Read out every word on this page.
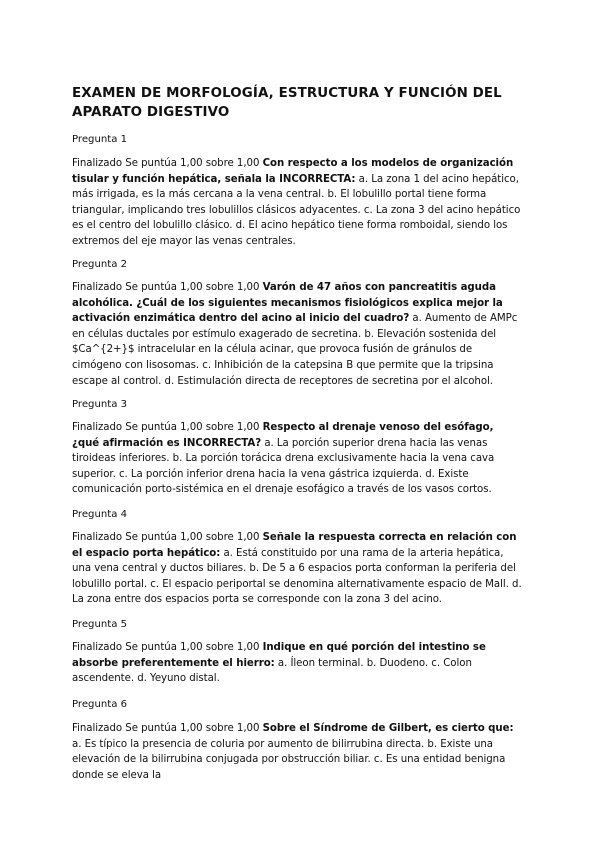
EXAMEN DE MORFOLOGÍA, ESTRUCTURA Y FUNCIÓN DEL APARATO DIGESTIVO

Pregunta 1

Finalizado Se puntúa 1,00 sobre 1,00 Con respecto a los modelos de organización tisular y función hepática, señala la INCORRECTA: a. La zona 1 del acino hepático, más irrigada, es la más cercana a la vena central. b. El lobulillo portal tiene forma triangular, implicando tres lobulillos clásicos adyacentes. c. La zona 3 del acino hepático es el centro del lobulillo clásico. d. El acino hepático tiene forma romboidal, siendo los extremos del eje mayor las venas centrales.

Pregunta 2

Finalizado Se puntúa 1,00 sobre 1,00 Varón de 47 años con pancreatitis aguda alcohólica. ¿Cuál de los siguientes mecanismos fisiológicos explica mejor la activación enzimática dentro del acino al inicio del cuadro? a. Aumento de AMPc en células ductales por estímulo exagerado de secretina. b. Elevación sostenida del $Ca^{2+}$ intracelular en la célula acinar, que provoca fusión de gránulos de cimógeno con lisosomas. c. Inhibición de la catepsina B que permite que la tripsina escape al control. d. Estimulación directa de receptores de secretina por el alcohol.

Pregunta 3

Finalizado Se puntúa 1,00 sobre 1,00 Respecto al drenaje venoso del esófago, ¿qué afirmación es INCORRECTA? a. La porción superior drena hacia las venas tiroideas inferiores. b. La porción torácica drena exclusivamente hacia la vena cava superior. c. La porción inferior drena hacia la vena gástrica izquierda. d. Existe comunicación porto-sistémica en el drenaje esofágico a través de los vasos cortos.

Pregunta 4

Finalizado Se puntúa 1,00 sobre 1,00 Señale la respuesta correcta en relación con el espacio porta hepático: a. Está constituido por una rama de la arteria hepática, una vena central y ductos biliares. b. De 5 a 6 espacios porta conforman la periferia del lobulillo portal. c. El espacio periportal se denomina alternativamente espacio de Mall. d. La zona entre dos espacios porta se corresponde con la zona 3 del acino.

Pregunta 5

Finalizado Se puntúa 1,00 sobre 1,00 Indique en qué porción del intestino se absorbe preferentemente el hierro: a. Íleon terminal. b. Duodeno. c. Colon ascendente. d. Yeyuno distal.

Pregunta 6

Finalizado Se puntúa 1,00 sobre 1,00 Sobre el Síndrome de Gilbert, es cierto que: a. Es típico la presencia de coluria por aumento de bilirrubina directa. b. Existe una elevación de la bilirrubina conjugada por obstrucción biliar. c. Es una entidad benigna donde se eleva la
